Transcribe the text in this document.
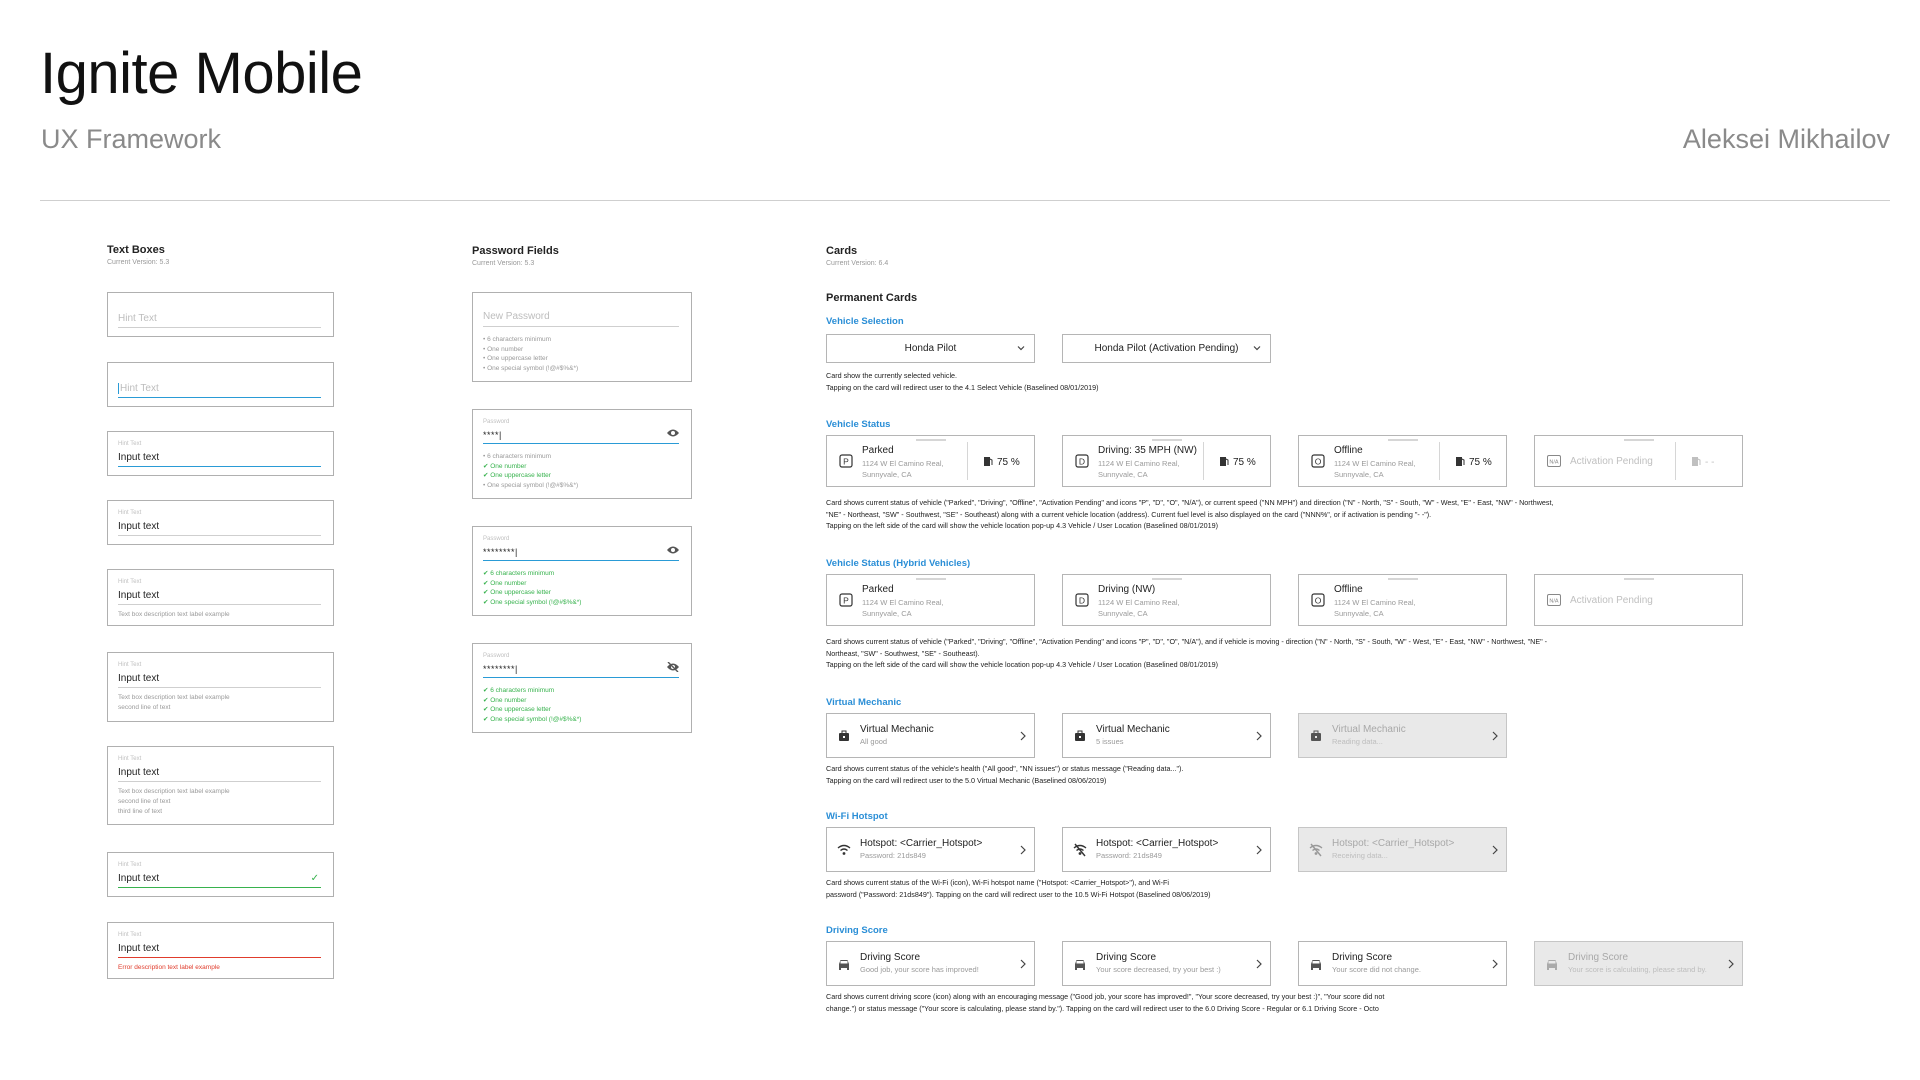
Ignite Mobile
UX Framework	Aleksei Mikhailov
Text Boxes
Current Version: 5.3
Hint Text
Hint Text
Hint Text
Input text
Hint Text
Input text
Hint Text
Input text
Text box description text label example
Hint Text
Input text
Text box description text label example
second line of text
Hint Text
Input text
Text box description text label example
second line of text
third line of text
Hint Text
Input text	✓
Hint Text
Input text
Error description text label example
Password Fields
Current Version: 5.3
New Password
• 6 characters minimum
• One number
• One uppercase letter
• One special symbol (!@#$%&*)
Password
****|
• 6 characters minimum
✔ One number
✔ One uppercase letter
• One special symbol (!@#$%&*)
Password
********|
✔ 6 characters minimum
✔ One number
✔ One uppercase letter
✔ One special symbol (!@#$%&*)
Password
********|
✔ 6 characters minimum
✔ One number
✔ One uppercase letter
✔ One special symbol (!@#$%&*)
Cards
Current Version: 6.4
Permanent Cards
Vehicle Selection
Honda Pilot	Honda Pilot (Activation Pending)
Card show the currently selected vehicle.
Tapping on the card will redirect user to the 4.1 Select Vehicle (Baselined 08/01/2019)
Vehicle Status
P
Parked
1124 W El Camino Real,
Sunnyvale, CA
75 %	D
Driving: 35 MPH (NW)
1124 W El Camino Real,
Sunnyvale, CA
75 %	O
Offline
1124 W El Camino Real,
Sunnyvale, CA
75 %	N/A Activation Pending	- -
Card shows current status of vehicle ("Parked", "Driving", "Offline", "Activation Pending" and icons "P", "D", "O", "N/A"), or current speed ("NN MPH") and direction ("N" - North, "S" - South, "W" - West, "E" - East, "NW" - Northwest,
"NE" - Northeast, "SW" - Southwest, "SE" - Southeast) along with a current vehicle location (address). Current fuel level is also displayed on the card ("NNN%", or if activation is pending "- -").
Tapping on the left side of the card will show the vehicle location pop-up 4.3 Vehicle / User Location (Baselined 08/01/2019)
Vehicle Status (Hybrid Vehicles)
P
Parked
1124 W El Camino Real,
Sunnyvale, CA
D
Driving (NW)
1124 W El Camino Real,
Sunnyvale, CA
O
Offline
1124 W El Camino Real,
Sunnyvale, CA
N/A Activation Pending
Card shows current status of vehicle ("Parked", "Driving", "Offline", "Activation Pending" and icons "P", "D", "O", "N/A"), and if vehicle is moving - direction ("N" - North, "S" - South, "W" - West, "E" - East, "NW" - Northwest, "NE" -
Northeast, "SW" - Southwest, "SE" - Southeast).
Tapping on the left side of the card will show the vehicle location pop-up 4.3 Vehicle / User Location (Baselined 08/01/2019)
Virtual Mechanic
Virtual Mechanic
All good
Virtual Mechanic
5 issues
Virtual Mechanic
Reading data...
Card shows current status of the vehicle's health ("All good", "NN issues") or status message ("Reading data...").
Tapping on the card will redirect user to the 5.0 Virtual Mechanic (Baselined 08/06/2019)
Wi-Fi Hotspot
Hotspot: <Carrier_Hotspot>
Password: 21ds849
Hotspot: <Carrier_Hotspot>
Password: 21ds849
Hotspot: <Carrier_Hotspot>
Receiving data...
Card shows current status of the Wi-Fi (icon), Wi-Fi hotspot name ("Hotspot: <Carrier_Hotspot>"), and Wi-Fi
password ("Password: 21ds849"). Tapping on the card will redirect user to the 10.5 Wi-Fi Hotspot (Baselined 08/06/2019)
Driving Score
Driving Score
Good job, your score has improved!
Driving Score
Your score decreased, try your best :)
Driving Score
Your score did not change.
Driving Score
Your score is calculating, please stand by.
Card shows current driving score (icon) along with an encouraging message ("Good job, your score has improved!", "Your score decreased, try your best :)", "Your score did not
change.") or status message ("Your score is calculating, please stand by."). Tapping on the card will redirect user to the 6.0 Driving Score - Regular or 6.1 Driving Score - Octo
